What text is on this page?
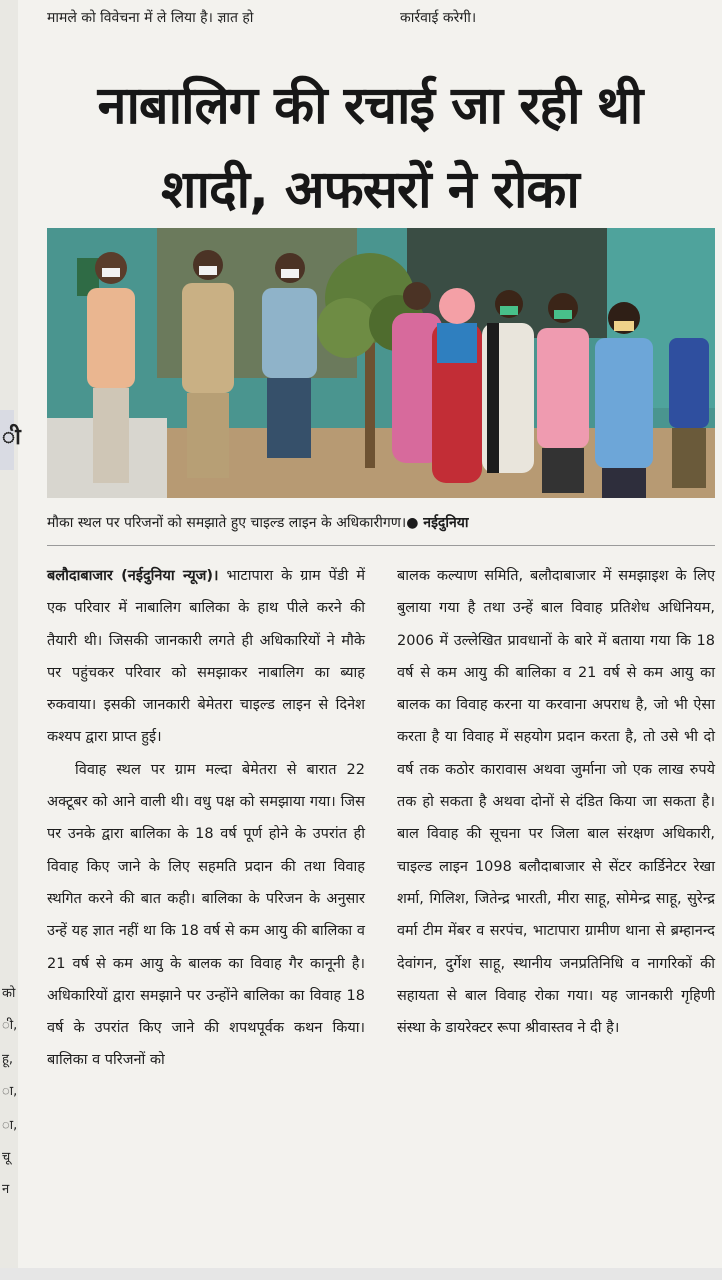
ी
को
ी,
हू,
ा,
ा,
चू
न
मामले को विवेचना में ले लिया है। ज्ञात हो	कार्रवाई करेगी।
नाबालिग की रचाई जा रही थी
शादी, अफसरों ने रोका
मौका स्थल पर परिजनों को समझाते हुए चाइल्ड लाइन के अधिकारीगण।● नईदुनिया

बलौदाबाजार (नईदुनिया न्यूज)। भाटापारा के ग्राम पेंडी में एक परिवार में नाबालिग बालिका के हाथ पीले करने की तैयारी थी। जिसकी जानकारी लगते ही अधिकारियों ने मौके पर पहुंचकर परिवार को समझाकर नाबालिग का ब्याह रुकवाया। इसकी जानकारी बेमेतरा चाइल्ड लाइन से दिनेश कश्यप द्वारा प्राप्त हुई।

विवाह स्थल पर ग्राम मल्दा बेमेतरा से बारात 22 अक्टूबर को आने वाली थी। वधु पक्ष को समझाया गया। जिस पर उनके द्वारा बालिका के 18 वर्ष पूर्ण होने के उपरांत ही विवाह किए जाने के लिए सहमति प्रदान की तथा विवाह स्थगित करने की बात कही। बालिका के परिजन के अनुसार उन्हें यह ज्ञात नहीं था कि 18 वर्ष से कम आयु की बालिका व 21 वर्ष से कम आयु के बालक का विवाह गैर कानूनी है। अधिकारियों द्वारा समझाने पर उन्होंने बालिका का विवाह 18 वर्ष के उपरांत किए जाने की शपथपूर्वक कथन किया। बालिका व परिजनों को

बालक कल्याण समिति, बलौदाबाजार में समझाइश के लिए बुलाया गया है तथा उन्हें बाल विवाह प्रतिशेध अधिनियम, 2006 में उल्लेखित प्रावधानों के बारे में बताया गया कि 18 वर्ष से कम आयु की बालिका व 21 वर्ष से कम आयु का बालक का विवाह करना या करवाना अपराध है, जो भी ऐसा करता है या विवाह में सहयोग प्रदान करता है, तो उसे भी दो वर्ष तक कठोर कारावास अथवा जुर्माना जो एक लाख रुपये तक हो सकता है अथवा दोनों से दंडित किया जा सकता है। बाल विवाह की सूचना पर जिला बाल संरक्षण अधिकारी, चाइल्ड लाइन 1098 बलौदाबाजार से सेंटर कार्डिनेटर रेखा शर्मा, गिलिश, जितेन्द्र भारती, मीरा साहू, सोमेन्द्र साहू, सुरेन्द्र वर्मा टीम मेंबर व सरपंच, भाटापारा ग्रामीण थाना से ब्रम्हानन्द देवांगन, दुर्गेश साहू, स्थानीय जनप्रतिनिधि व नागरिकों की सहायता से बाल विवाह रोका गया। यह जानकारी गृहिणी संस्था के डायरेक्टर रूपा श्रीवास्तव ने दी है।
